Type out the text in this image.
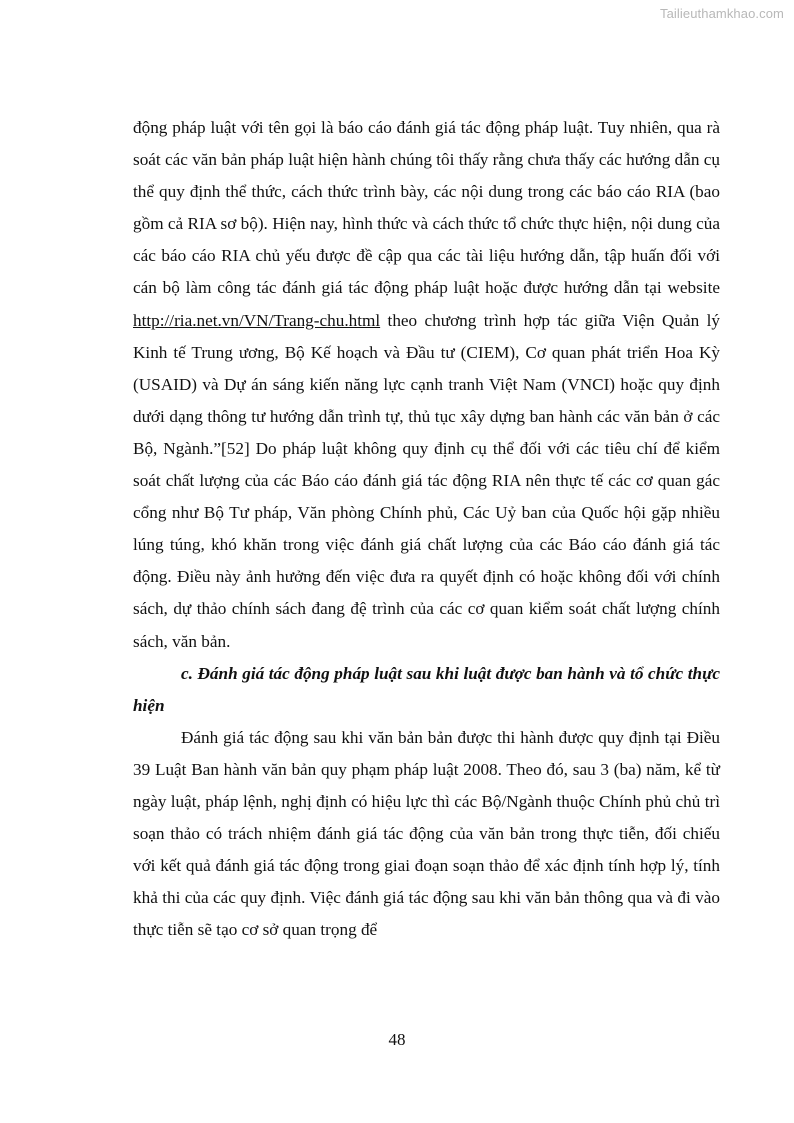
Tailieuthamkhao.com

động pháp luật với tên gọi là báo cáo đánh giá tác động pháp luật. Tuy nhiên, qua rà soát các văn bản pháp luật hiện hành chúng tôi thấy rằng chưa thấy các hướng dẫn cụ thể quy định thể thức, cách thức trình bày, các nội dung trong các báo cáo RIA (bao gồm cả RIA sơ bộ). Hiện nay, hình thức và cách thức tổ chức thực hiện, nội dung của các báo cáo RIA chủ yếu được đề cập qua các tài liệu hướng dẫn, tập huấn đối với cán bộ làm công tác đánh giá tác động pháp luật hoặc được hướng dẫn tại website http://ria.net.vn/VN/Trang-chu.html theo chương trình hợp tác giữa Viện Quản lý Kinh tế Trung ương, Bộ Kế hoạch và Đầu tư (CIEM), Cơ quan phát triển Hoa Kỳ (USAID) và Dự án sáng kiến năng lực cạnh tranh Việt Nam (VNCI) hoặc quy định dưới dạng thông tư hướng dẫn trình tự, thủ tục xây dựng ban hành các văn bản ở các Bộ, Ngành.”[52] Do pháp luật không quy định cụ thể đối với các tiêu chí để kiểm soát chất lượng của các Báo cáo đánh giá tác động RIA nên thực tế các cơ quan gác cổng như Bộ Tư pháp, Văn phòng Chính phủ, Các Uỷ ban của Quốc hội gặp nhiều lúng túng, khó khăn trong việc đánh giá chất lượng của các Báo cáo đánh giá tác động. Điều này ảnh hưởng đến việc đưa ra quyết định có hoặc không đối với chính sách, dự thảo chính sách đang đệ trình của các cơ quan kiểm soát chất lượng chính sách, văn bản.

c. Đánh giá tác động pháp luật sau khi luật được ban hành và tổ chức thực hiện

Đánh giá tác động sau khi văn bản bản được thi hành được quy định tại Điều 39 Luật Ban hành văn bản quy phạm pháp luật 2008. Theo đó, sau 3 (ba) năm, kể từ ngày luật, pháp lệnh, nghị định có hiệu lực thì các Bộ/Ngành thuộc Chính phủ chủ trì soạn thảo có trách nhiệm đánh giá tác động của văn bản trong thực tiễn, đối chiếu với kết quả đánh giá tác động trong giai đoạn soạn thảo để xác định tính hợp lý, tính khả thi của các quy định. Việc đánh giá tác động sau khi văn bản thông qua và đi vào thực tiễn sẽ tạo cơ sở quan trọng để

48
